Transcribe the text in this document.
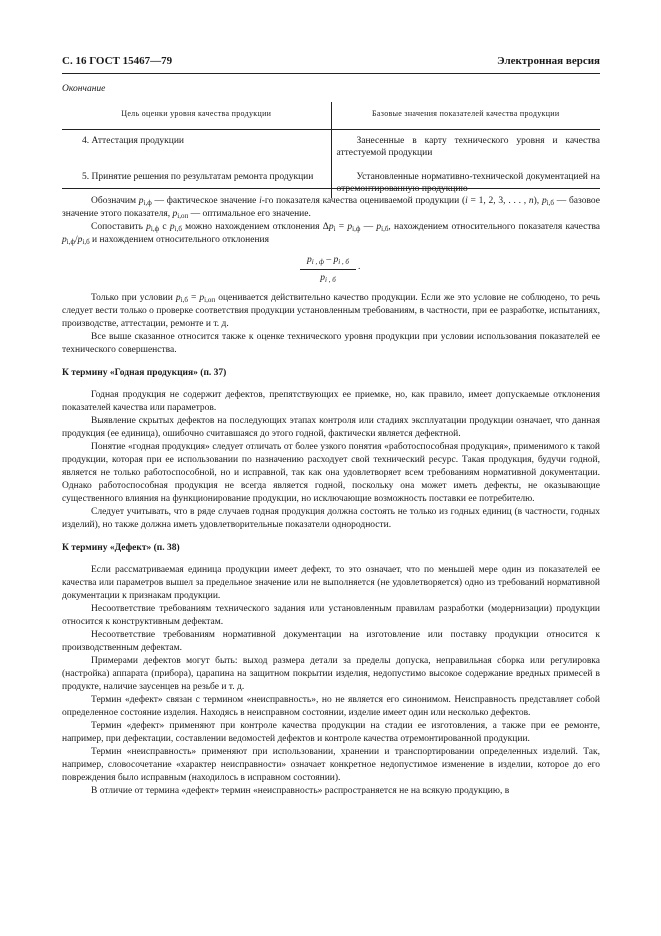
С. 16 ГОСТ 15467—79	Электронная версия
Окончание
Цель оценки уровня качества продукции	Базовые значения показателей качества продукции
4. Аттестация продукции	Занесенные в карту технического уровня и качества аттестуемой продукции
5. Принятие решения по результатам ремонта продукции	Установленные нормативно-технической документацией на отремонтированную продукцию

Обозначим $p_{i,ф}$ — фактическое значение i-го показателя качества оцениваемой продукции (i = 1, 2, 3, . . . , n), $p_{i,б}$ — базовое значение этого показателя, $p_{i,оп}$ — оптимальное его значение.

Сопоставить $p_{i,ф}$ с $p_{i,б}$ можно нахождением отклонения $\Delta p_i = p_{i,ф}$ — $p_{i,б}$, нахождением относительного показателя качества $p_{i,ф}/p_{i,б}$ и нахождением относительного отклонения

$p_{i , ф} - p_{i , б}$
$p_{i , б}$
.

Только при условии $p_{i,б} = p_{i,оп}$ оценивается действительно качество продукции. Если же это условие не соблюдено, то речь следует вести только о проверке соответствия продукции установленным требованиям, в частности, при ее разработке, испытаниях, производстве, аттестации, ремонте и т. д.

Все выше сказанное относится также к оценке технического уровня продукции при условии использования показателей ее технического совершенства.

К термину «Годная продукция» (п. 37)

Годная продукция не содержит дефектов, препятствующих ее приемке, но, как правило, имеет допускаемые отклонения показателей качества или параметров.

Выявление скрытых дефектов на последующих этапах контроля или стадиях эксплуатации продукции означает, что данная продукция (ее единица), ошибочно считавшаяся до этого годной, фактически является дефектной.

Понятие «годная продукция» следует отличать от более узкого понятия «работоспособная продукция», применимого к такой продукции, которая при ее использовании по назначению расходует свой технический ресурс. Такая продукция, будучи годной, является не только работоспособной, но и исправной, так как она удовлетворяет всем требованиям нормативной документации. Однако работоспособная продукция не всегда является годной, поскольку она может иметь дефекты, не оказывающие существенного влияния на функционирование продукции, но исключающие возможность поставки ее потребителю.

Следует учитывать, что в ряде случаев годная продукция должна состоять не только из годных единиц (в частности, годных изделий), но также должна иметь удовлетворительные показатели однородности.

К термину «Дефект» (п. 38)

Если рассматриваемая единица продукции имеет дефект, то это означает, что по меньшей мере один из показателей ее качества или параметров вышел за предельное значение или не выполняется (не удовлетворяется) одно из требований нормативной документации к признакам продукции.

Несоответствие требованиям технического задания или установленным правилам разработки (модернизации) продукции относится к конструктивным дефектам.

Несоответствие требованиям нормативной документации на изготовление или поставку продукции относится к производственным дефектам.

Примерами дефектов могут быть: выход размера детали за пределы допуска, неправильная сборка или регулировка (настройка) аппарата (прибора), царапина на защитном покрытии изделия, недопустимо высокое содержание вредных примесей в продукте, наличие заусенцев на резьбе и т. д.

Термин «дефект» связан с термином «неисправность», но не является его синонимом. Неисправность представляет собой определенное состояние изделия. Находясь в неисправном состоянии, изделие имеет один или несколько дефектов.

Термин «дефект» применяют при контроле качества продукции на стадии ее изготовления, а также при ее ремонте, например, при дефектации, составлении ведомостей дефектов и контроле качества отремонтированной продукции.

Термин «неисправность» применяют при использовании, хранении и транспортировании определенных изделий. Так, например, словосочетание «характер неисправности» означает конкретное недопустимое изменение в изделии, которое до его повреждения было исправным (находилось в исправном состоянии).

В отличие от термина «дефект» термин «неисправность» распространяется не на всякую продукцию, в
